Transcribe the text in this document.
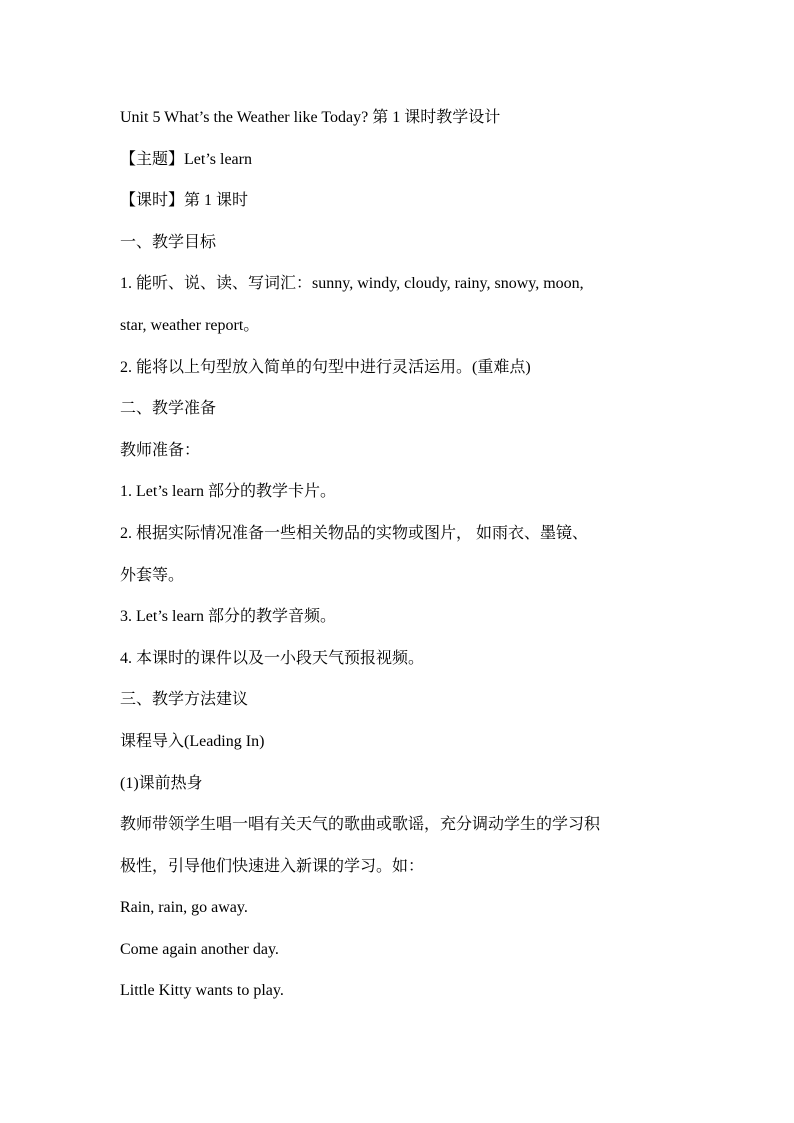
Unit 5 What’s the Weather like Today? 第 1 课时教学设计
【主题】Let’s learn
【课时】第 1 课时
一、教学目标
1. 能听、说、读、写词汇：sunny, windy, cloudy, rainy, snowy, moon,
star, weather report。
2. 能将以上句型放入简单的句型中进行灵活运用。(重难点)
二、教学准备
教师准备：
1. Let’s learn 部分的教学卡片。
2. 根据实际情况准备一些相关物品的实物或图片， 如雨衣、墨镜、
外套等。
3. Let’s learn 部分的教学音频。
4. 本课时的课件以及一小段天气预报视频。
三、教学方法建议
课程导入(Leading In)
(1)课前热身
教师带领学生唱一唱有关天气的歌曲或歌谣，充分调动学生的学习积
极性，引导他们快速进入新课的学习。如：
Rain, rain, go away.
Come again another day.
Little Kitty wants to play.
